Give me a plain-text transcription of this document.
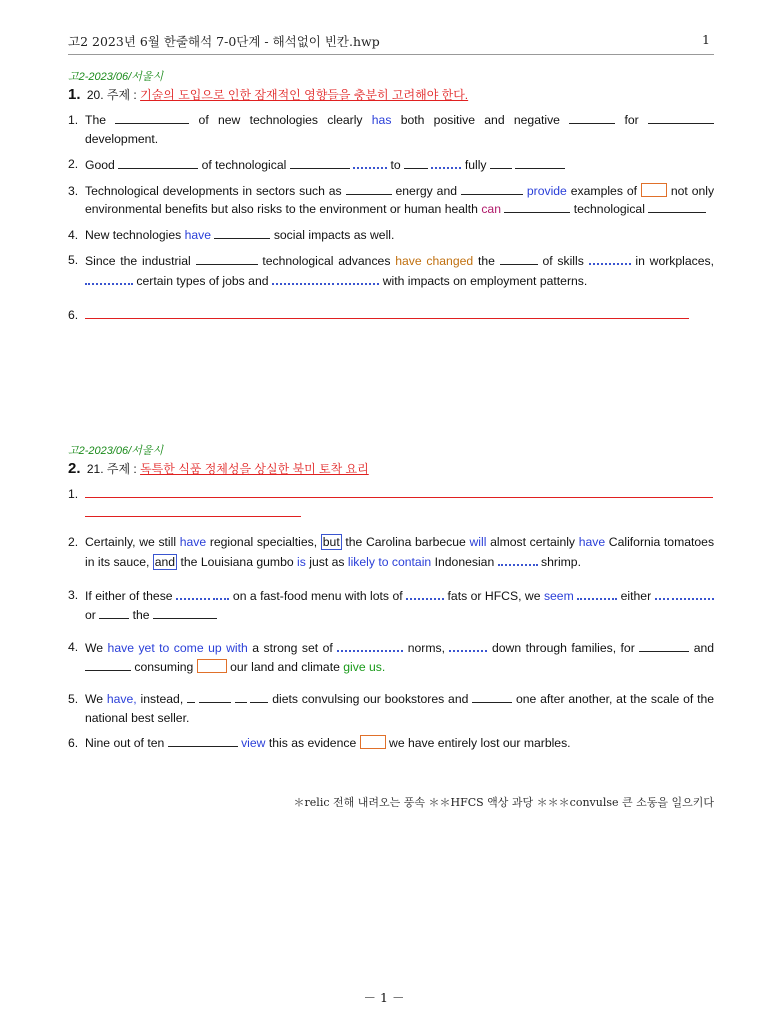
고2 2023년 6월 한줄해석 7-0단계 - 해석없이 빈칸.hwp	1
고2-2023/06/서울시
1. 20. 주제 : 기술의 도입으로 인한 잠재적인 영향들을 충분히 고려해야 한다.
1. The	of new technologies clearly has both positive and negative	for  development.
2. Good	of technological	to	fully
3. Technological developments in sectors such as	energy and	provide examples of	not only environmental benefits but also risks to the environment or human health can	technological
4. New technologies have	social impacts as well.
5. Since the industrial	technological advances have changed the	of skills	in workplaces,  certain types of jobs and	with impacts on employment patterns.
6.
고2-2023/06/서울시
2. 21. 주제 : 독특한 식품 정체성을 상실한 북미 토착 요리
1.

2. Certainly, we still have regional specialties, but the Carolina barbecue will almost certainly have California tomatoes in its sauce, and the Louisiana gumbo is just as likely to contain Indonesian	shrimp.
3. If either of these	on a fast-food menu with lots of	fats or HFCS, we seem	either   or	the
4. We have yet to come up with a strong set of	norms,	down through families, for	and  consuming	our land and climate give us.
5. We have, instead,	diets convulsing our bookstores and	one after another, at the scale of the national best seller.
6. Nine out of ten	view this as evidence	we have entirely lost our marbles.
＊relic 전해 내려오는 풍속 ＊＊HFCS 액상 과당 ＊＊＊convulse 큰 소동을 일으키다
－ 1 －
